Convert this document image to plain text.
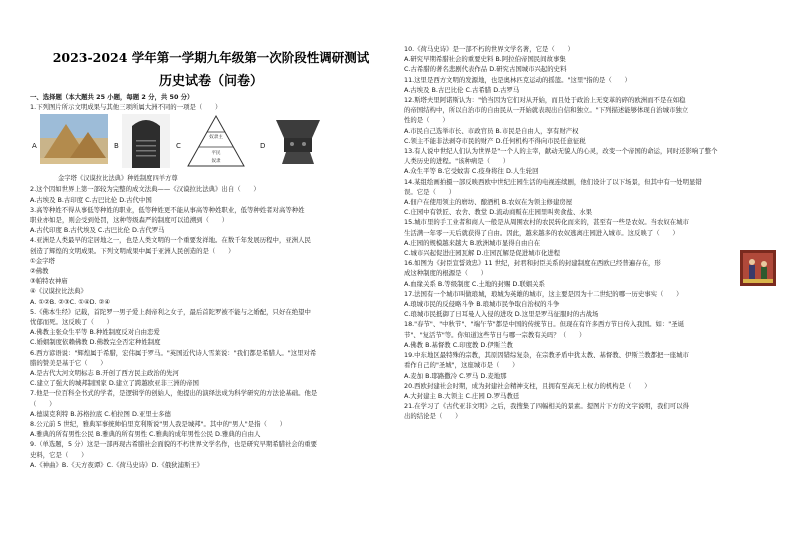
2023-2024 学年第一学期九年级第一次阶段性调研测试
历史试卷（问卷）
一、选择题（本大题共 25 小题，每题 2 分，共 50 分）
1.下列图片所示文明成果与其他三项所属大洲不同的一项是（　　）
A	B	C
奴隶主
平民
奴隶
D
金字塔《汉谟拉比法典》种姓制度四羊方尊
2.这个因如世界上第一部较为完整的成文法典——《汉谟拉比法典》出自（　　）
A.古埃及 B.古印度 C.古巴比伦 D.古代中国
3.高等种姓不得从事低等种姓的职业，低等种姓更不能从事高等种姓职业，低等种姓者对高等种姓
职业亦如是，则会受到处罚，这种等级森严的制度可以追溯到（　　）
A.古代印度 B.古代埃及 C.古巴比伦 D.古代罗马
4.亚洲是人类最早的定居地之一，也是人类文明的一个重要发祥地。在数千年发展历程中，亚洲人民
创造了辉煌的文明成果。下列文明成果中属于亚洲人民创造的是（　　）
①金字塔
②佛教
③帕特农神庙
④《汉谟拉比法典》
A. ①②B. ②③C. ①④D. ②④
5.《佛本生经》记载，首陀罗一男子爱上刹帝利之女子，最后首陀罗被不能与之婚配，只好在绝望中
忧郁而死。这反映了（　　）
A.佛教主张众生平等 B.种姓制度反对自由恋爱
C.婚姻制度依赖佛教 D.佛教完全否定种姓制度
6.西方谚语说："辉煌属于希腊，宏伟属于罗马。"英国近代诗人雪莱说："我们都是希腊人。"这里对希
腊的赞美是基于它（　　）
A.是古代大河文明标志 B.开创了西方民主政治的先河
C.建立了强大的城邦制国家 D.建立了跨越欧亚非三洲的帝国
7.他是一位百科全书式的学者，是逻辑学的创始人，他提出的演绎法成为科学研究的方法论基础。他是
（　　）
A.德谟克利特 B.苏格拉底 C.柏拉图 D.亚里士多德
8.公元前 5 世纪，雅典军事统帅伯里克利斯说"男人我是城邦"。其中的"男人"是指（　　）
A.雅典的所有男性公民 B.雅典的所有男性 C.雅典的成年男性公民 D.雅典的自由人
9.（单选题，5 分）这是一部再现古希腊社会面貌的不朽世界文学名作，也是研究早期希腊社会的重要
史料，它是（　　）
A.《神曲》B.《天方夜谭》C.《荷马史诗》D.《俄狄浦斯王》
10.《荷马史诗》是一部不朽的世界文学名著，它是（　　）
A.研究早期希腊社会的重要史料 B.阿拉伯帝国民间故事集
C.古希腊的著名悲剧代表作品 D.研究古国城市兴起的史料
11.这里是西方文明的发源地，也是奥林匹克运动的摇篮。"这里"指的是（　　）
A.古埃及 B.古巴比伦 C.古希腊 D.古罗马
12.斯塔夫里阿诺斯认为："恰当因为它们对从开始，而且处于政治上无变革的碎的欧洲而不是在如稳
的帝国结构中，所以自治市的自由民从一开始就表现出自信和独立。"下列描述能够体现自治城市独立
性的是（　　）
A.市民自己选举市长、市政官员 B.市民是自由人，享有财产权
C.领主不能非法剥夺市民的财产 D.任何机构不得向市民任意征税
13.有人说中世纪人们认为世界是"一个人的主宰，献动无貌人的心灵，改变一个帝国的命运，同时还影响了整个
人类历史的进程。"该种病是（　　）
A.众生平等 B.它受蚊害 C.疫身将往 D.人生轮回
14.某组绘画拍摄一部反映西欧中世纪庄园生活的电视连续剧，他们设计了以下场景，但其中有一处明显错
误。它是（　　）
A.佃户在使用领主的磨坊、酿酒机 B.农奴在为领主修建房屋
C.庄园中有铁匠、农舍、教堂 D.流动商贩在庄园里叫卖食盐、水果
15.城市里的手工业者和商人一般是从周围农村的农民转化而来的，甚至有一些是农奴。当农奴在城市
生活满一年零一天后就获得了自由。因此，越来越多的农奴逃离庄园进入城市。这反映了（　　）
A.庄园的规模越来越大 B.欧洲城市显得自由自在
C.城市兴起促进庄园瓦解 D.庄园瓦解是促进城市化进程
16.如图为《封臣宣誓效忠》11 世纪，封君和封臣关系的封建制度在西欧已经普遍存在，形
成这种制度的根源是（　　）
A.血缘关系 B.等级制度 C.土地的封赐 D.联姻关系
17.法国有一个城市叫做琅城，琅城为英雄的城市，这主要是因为十二世纪的哪一历史事实（　　）
A.琅城市民的反侵略斗争 B.琅城市民争取自治权的斗争
C.琅城市民抵御了日耳曼人入侵的进攻 D.这里是罗马征服时的古战场
18."春节"、"中秋节"、"端午节"都是中国的传统节日。但现在有许多西方节日传入我国。如："圣诞
节"、"复活节"等。你知道这些节日与哪一宗教有关吗？（　　）
A.佛教 B.基督教 C.印度教 D.伊斯兰教
19.中东地区最特殊的宗教，其原因错综复杂，在宗教矛盾中犹太教、基督教、伊斯兰教都把一座城市
看作自己的"圣城"，这座城市是（　　）
A.麦加 B.耶路撒冷 C.罗马 D.麦地那
20.西欧封建社会时期，成为封建社会精神支柱，且拥有至高无上权力的机构是（　　）
A.大封建主 B.大领主 C.庄园 D.罗马教廷
21.在学习了《古代亚非文明》之后，我搜集了四幅相关的景素。提图片下方的文字说明，我们可以得
出的结论是（　　）
